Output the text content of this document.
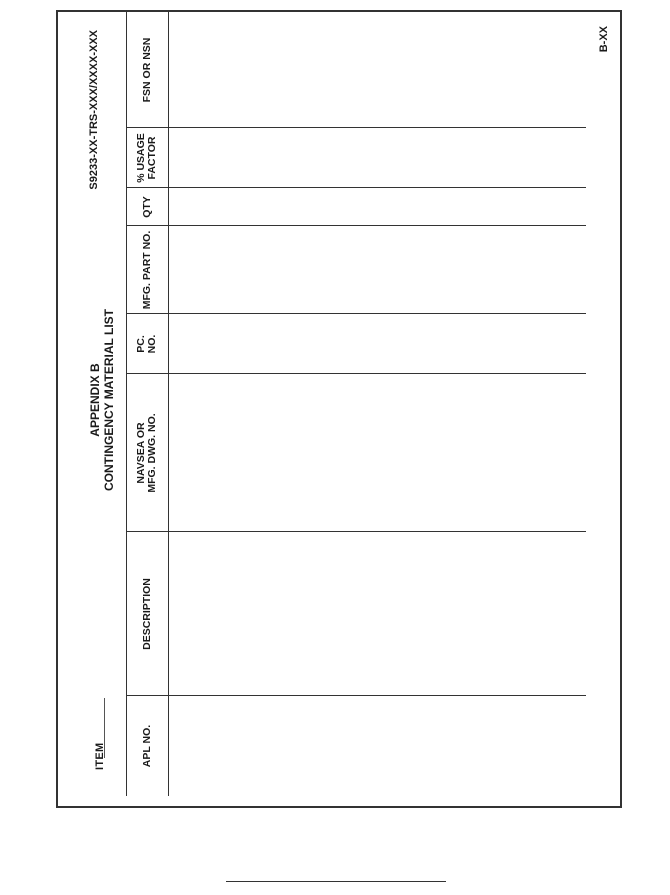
ITEM
APPENDIX B CONTINGENCY MATERIAL LIST
S9233-XX-TRS-XXX/XXXX-XXX
APL NO.
DESCRIPTION
NAVSEA OR
MFG. DWG. NO.
PC.
NO.
MFG. PART NO.
QTY
% USAGE
FACTOR
FSN OR NSN	B-XX
